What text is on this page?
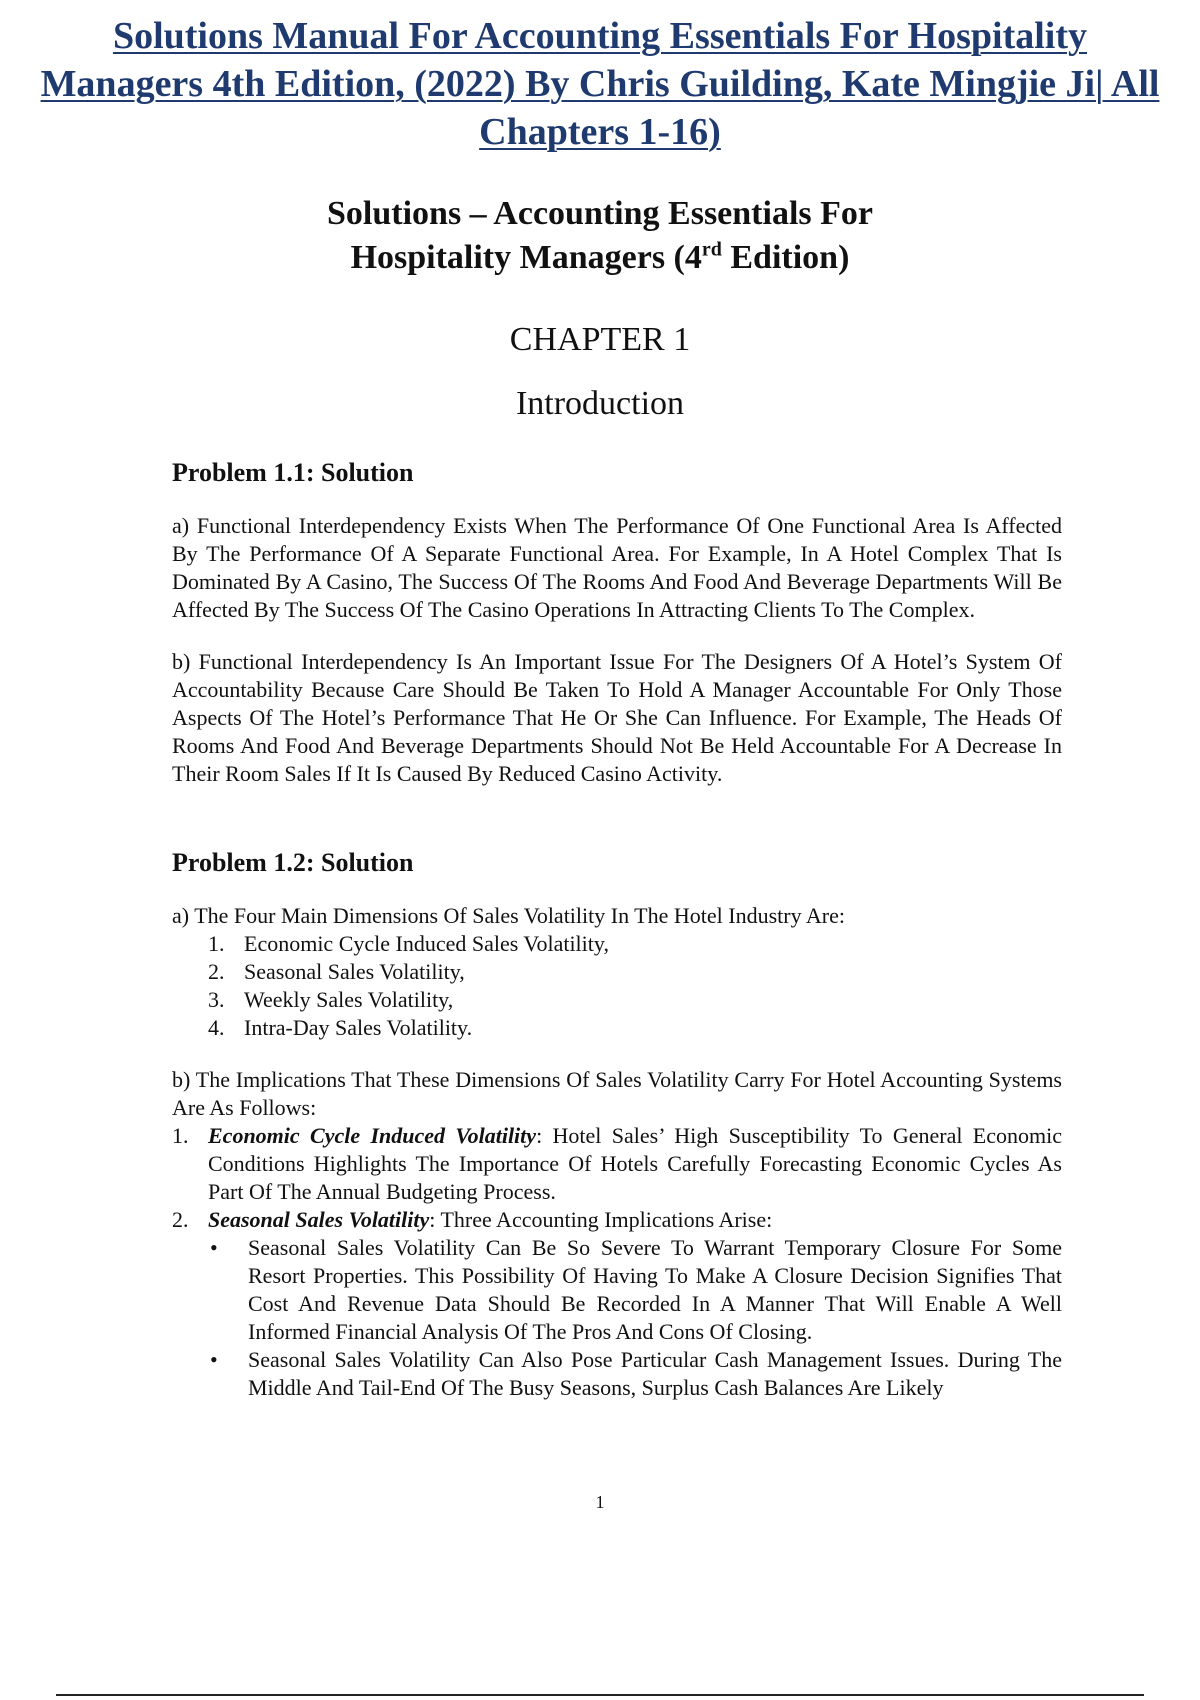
Solutions Manual For Accounting Essentials For Hospitality Managers 4th Edition, (2022) By Chris Guilding, Kate Mingjie Ji| All Chapters 1-16)
Solutions – Accounting Essentials For
Hospitality Managers (4rd Edition)
CHAPTER 1
Introduction
Problem 1.1: Solution

a) Functional Interdependency Exists When The Performance Of One Functional Area Is Affected By The Performance Of A Separate Functional Area. For Example, In A Hotel Complex That Is Dominated By A Casino, The Success Of The Rooms And Food And Beverage Departments Will Be Affected By The Success Of The Casino Operations In Attracting Clients To The Complex.

b) Functional Interdependency Is An Important Issue For The Designers Of A Hotel’s System Of Accountability Because Care Should Be Taken To Hold A Manager Accountable For Only Those Aspects Of The Hotel’s Performance That He Or She Can Influence. For Example, The Heads Of Rooms And Food And Beverage Departments Should Not Be Held Accountable For A Decrease In Their Room Sales If It Is Caused By Reduced Casino Activity.

Problem 1.2: Solution

a) The Four Main Dimensions Of Sales Volatility In The Hotel Industry Are:

1. Economic Cycle Induced Sales Volatility,
2. Seasonal Sales Volatility,
3. Weekly Sales Volatility,
4. Intra-Day Sales Volatility.

b) The Implications That These Dimensions Of Sales Volatility Carry For Hotel Accounting Systems Are As Follows:

1. Economic Cycle Induced Volatility: Hotel Sales’ High Susceptibility To General Economic Conditions Highlights The Importance Of Hotels Carefully Forecasting Economic Cycles As Part Of The Annual Budgeting Process.
2. Seasonal Sales Volatility: Three Accounting Implications Arise:
• Seasonal Sales Volatility Can Be So Severe To Warrant Temporary Closure For Some Resort Properties. This Possibility Of Having To Make A Closure Decision Signifies That Cost And Revenue Data Should Be Recorded In A Manner That Will Enable A Well Informed Financial Analysis Of The Pros And Cons Of Closing.
• Seasonal Sales Volatility Can Also Pose Particular Cash Management Issues. During The Middle And Tail-End Of The Busy Seasons, Surplus Cash Balances Are Likely
1
